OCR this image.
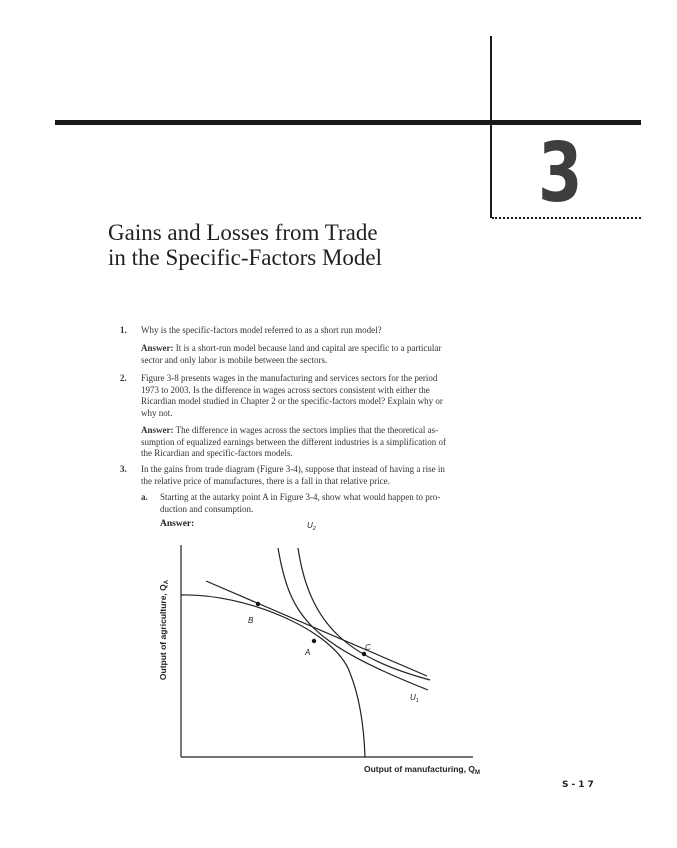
3
Gains and Losses from Trade
in the Specific-Factors Model
1. Why is the specific-factors model referred to as a short run model?
Answer: It is a short-run model because land and capital are specific to a particular
sector and only labor is mobile between the sectors.
2. Figure 3-8 presents wages in the manufacturing and services sectors for the period
1973 to 2003. Is the difference in wages across sectors consistent with either the
Ricardian model studied in Chapter 2 or the specific-factors model? Explain why or
why not.
Answer: The difference in wages across the sectors implies that the theoretical as-
sumption of equalized earnings between the different industries is a simplification of
the Ricardian and specific-factors models.
3. In the gains from trade diagram (Figure 3-4), suppose that instead of having a rise in
the relative price of manufactures, there is a fall in that relative price.
a. Starting at the autarky point A in Figure 3-4, show what would happen to pro-
duction and consumption.
Answer:
Output of agriculture, $Q_A$
Output of manufacturing, $Q_M$
B
A
C
$U_2$
$U_1$
S-17
